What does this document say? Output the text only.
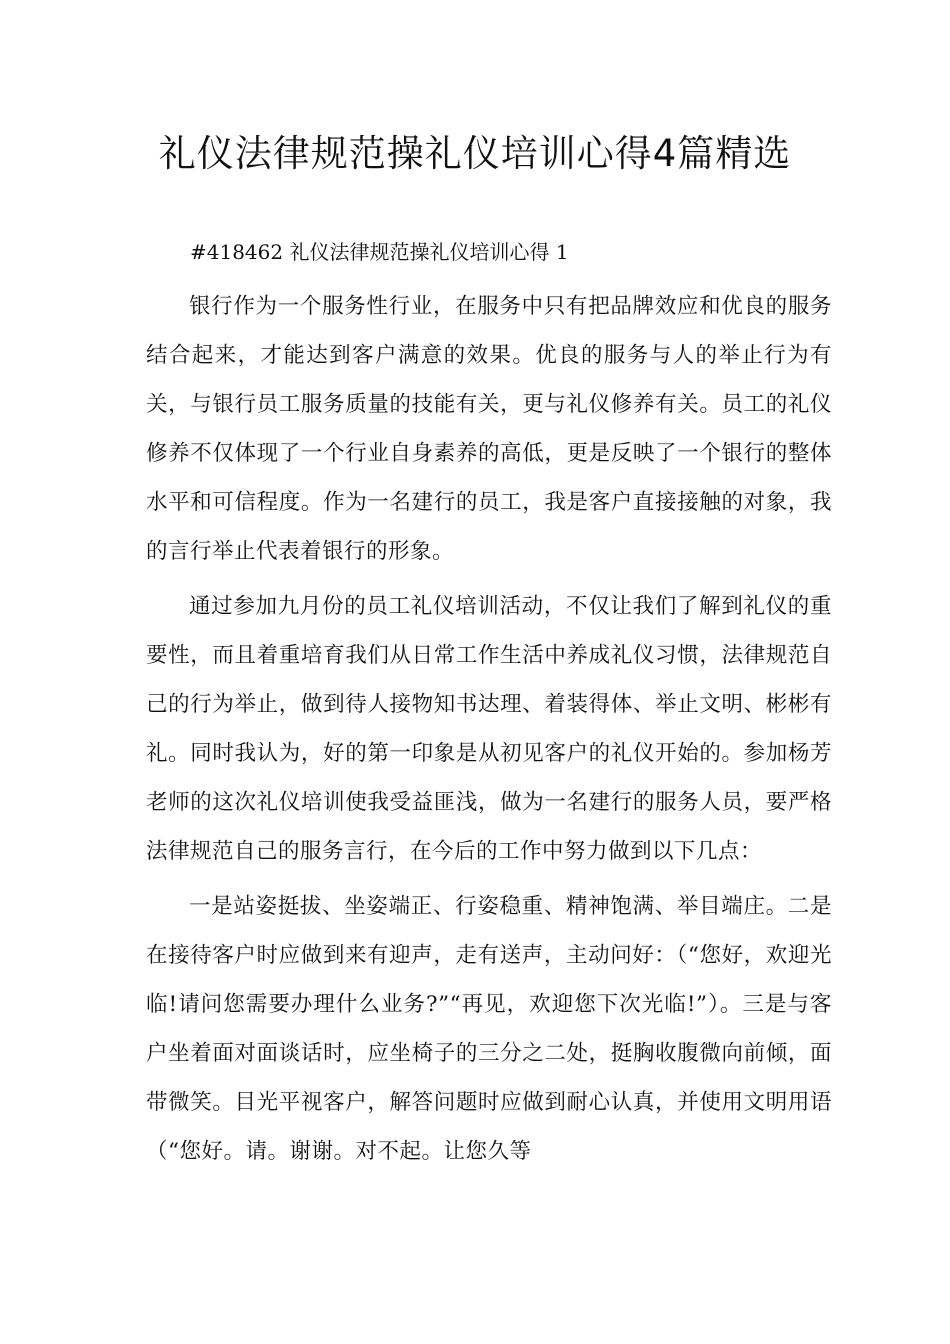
礼仪法律规范操礼仪培训心得4篇精选

#418462 礼仪法律规范操礼仪培训心得 1

银行作为一个服务性行业，在服务中只有把品牌效应和优良的服务结合起来，才能达到客户满意的效果。优良的服务与人的举止行为有关，与银行员工服务质量的技能有关，更与礼仪修养有关。员工的礼仪修养不仅体现了一个行业自身素养的高低，更是反映了一个银行的整体水平和可信程度。作为一名建行的员工，我是客户直接接触的对象，我的言行举止代表着银行的形象。

通过参加九月份的员工礼仪培训活动，不仅让我们了解到礼仪的重要性，而且着重培育我们从日常工作生活中养成礼仪习惯，法律规范自己的行为举止，做到待人接物知书达理、着装得体、举止文明、彬彬有礼。同时我认为，好的第一印象是从初见客户的礼仪开始的。参加杨芳老师的这次礼仪培训使我受益匪浅，做为一名建行的服务人员，要严格法律规范自己的服务言行，在今后的工作中努力做到以下几点：

一是站姿挺拔、坐姿端正、行姿稳重、精神饱满、举目端庄。二是在接待客户时应做到来有迎声，走有送声，主动问好：（“您好，欢迎光临!请问您需要办理什么业务?”“再见，欢迎您下次光临!”）。三是与客户坐着面对面谈话时，应坐椅子的三分之二处，挺胸收腹微向前倾，面带微笑。目光平视客户，解答问题时应做到耐心认真，并使用文明用语（“您好。请。谢谢。对不起。让您久等
